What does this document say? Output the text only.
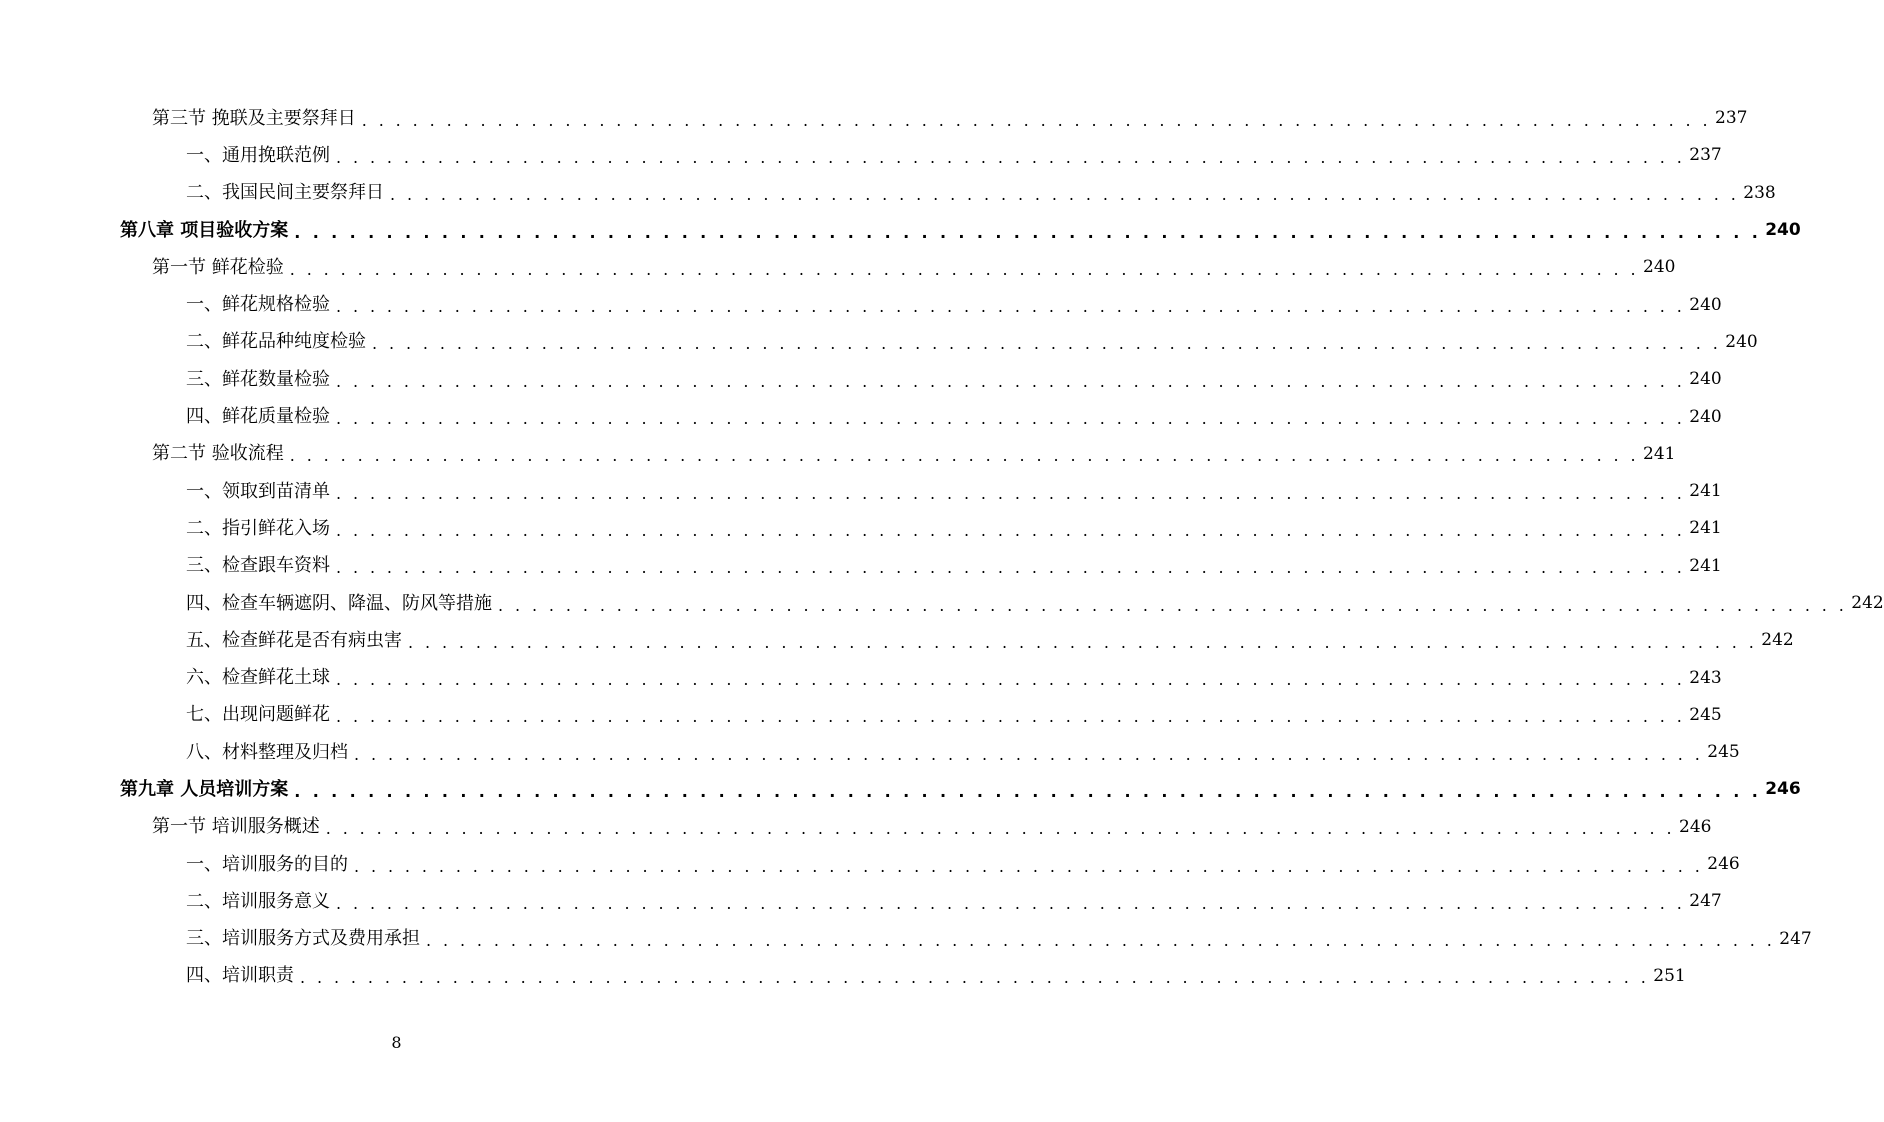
第三节 挽联及主要祭拜日 . . . . . . . . . . . . . . . . . . . . . . . . . . . . . . . . . . . . . . . . . . . . . . . . . . . . . . . . . . . . . . . . . . . . . . . . . . . . . . . . 237
一、通用挽联范例 . . . . . . . . . . . . . . . . . . . . . . . . . . . . . . . . . . . . . . . . . . . . . . . . . . . . . . . . . . . . . . . . . . . . . . . . . . . . . . . . 237
二、我国民间主要祭拜日 . . . . . . . . . . . . . . . . . . . . . . . . . . . . . . . . . . . . . . . . . . . . . . . . . . . . . . . . . . . . . . . . . . . . . . . . . . . . . . . . 238
第八章 项目验收方案 . . . . . . . . . . . . . . . . . . . . . . . . . . . . . . . . . . . . . . . . . . . . . . . . . . . . . . . . . . . . . . . . . . . . . . . . . . . . . . . . 240
第一节 鲜花检验 . . . . . . . . . . . . . . . . . . . . . . . . . . . . . . . . . . . . . . . . . . . . . . . . . . . . . . . . . . . . . . . . . . . . . . . . . . . . . . . . 240
一、鲜花规格检验 . . . . . . . . . . . . . . . . . . . . . . . . . . . . . . . . . . . . . . . . . . . . . . . . . . . . . . . . . . . . . . . . . . . . . . . . . . . . . . . . 240
二、鲜花品种纯度检验 . . . . . . . . . . . . . . . . . . . . . . . . . . . . . . . . . . . . . . . . . . . . . . . . . . . . . . . . . . . . . . . . . . . . . . . . . . . . . . . . 240
三、鲜花数量检验 . . . . . . . . . . . . . . . . . . . . . . . . . . . . . . . . . . . . . . . . . . . . . . . . . . . . . . . . . . . . . . . . . . . . . . . . . . . . . . . . 240
四、鲜花质量检验 . . . . . . . . . . . . . . . . . . . . . . . . . . . . . . . . . . . . . . . . . . . . . . . . . . . . . . . . . . . . . . . . . . . . . . . . . . . . . . . . 240
第二节 验收流程 . . . . . . . . . . . . . . . . . . . . . . . . . . . . . . . . . . . . . . . . . . . . . . . . . . . . . . . . . . . . . . . . . . . . . . . . . . . . . . . . 241
一、领取到苗清单 . . . . . . . . . . . . . . . . . . . . . . . . . . . . . . . . . . . . . . . . . . . . . . . . . . . . . . . . . . . . . . . . . . . . . . . . . . . . . . . . 241
二、指引鲜花入场 . . . . . . . . . . . . . . . . . . . . . . . . . . . . . . . . . . . . . . . . . . . . . . . . . . . . . . . . . . . . . . . . . . . . . . . . . . . . . . . . 241
三、检查跟车资料 . . . . . . . . . . . . . . . . . . . . . . . . . . . . . . . . . . . . . . . . . . . . . . . . . . . . . . . . . . . . . . . . . . . . . . . . . . . . . . . . 241
四、检查车辆遮阴、降温、防风等措施 . . . . . . . . . . . . . . . . . . . . . . . . . . . . . . . . . . . . . . . . . . . . . . . . . . . . . . . . . . . . . . . . . . . . . . . . . . . . . . . . 242
五、检查鲜花是否有病虫害 . . . . . . . . . . . . . . . . . . . . . . . . . . . . . . . . . . . . . . . . . . . . . . . . . . . . . . . . . . . . . . . . . . . . . . . . . . . . . . . . 242
六、检查鲜花土球 . . . . . . . . . . . . . . . . . . . . . . . . . . . . . . . . . . . . . . . . . . . . . . . . . . . . . . . . . . . . . . . . . . . . . . . . . . . . . . . . 243
七、出现问题鲜花 . . . . . . . . . . . . . . . . . . . . . . . . . . . . . . . . . . . . . . . . . . . . . . . . . . . . . . . . . . . . . . . . . . . . . . . . . . . . . . . . 245
八、材料整理及归档 . . . . . . . . . . . . . . . . . . . . . . . . . . . . . . . . . . . . . . . . . . . . . . . . . . . . . . . . . . . . . . . . . . . . . . . . . . . . . . . . 245
第九章 人员培训方案 . . . . . . . . . . . . . . . . . . . . . . . . . . . . . . . . . . . . . . . . . . . . . . . . . . . . . . . . . . . . . . . . . . . . . . . . . . . . . . . . 246
第一节 培训服务概述 . . . . . . . . . . . . . . . . . . . . . . . . . . . . . . . . . . . . . . . . . . . . . . . . . . . . . . . . . . . . . . . . . . . . . . . . . . . . . . . . 246
一、培训服务的目的 . . . . . . . . . . . . . . . . . . . . . . . . . . . . . . . . . . . . . . . . . . . . . . . . . . . . . . . . . . . . . . . . . . . . . . . . . . . . . . . . 246
二、培训服务意义 . . . . . . . . . . . . . . . . . . . . . . . . . . . . . . . . . . . . . . . . . . . . . . . . . . . . . . . . . . . . . . . . . . . . . . . . . . . . . . . . 247
三、培训服务方式及费用承担 . . . . . . . . . . . . . . . . . . . . . . . . . . . . . . . . . . . . . . . . . . . . . . . . . . . . . . . . . . . . . . . . . . . . . . . . . . . . . . . . 247
四、培训职责 . . . . . . . . . . . . . . . . . . . . . . . . . . . . . . . . . . . . . . . . . . . . . . . . . . . . . . . . . . . . . . . . . . . . . . . . . . . . . . . . 251
8
